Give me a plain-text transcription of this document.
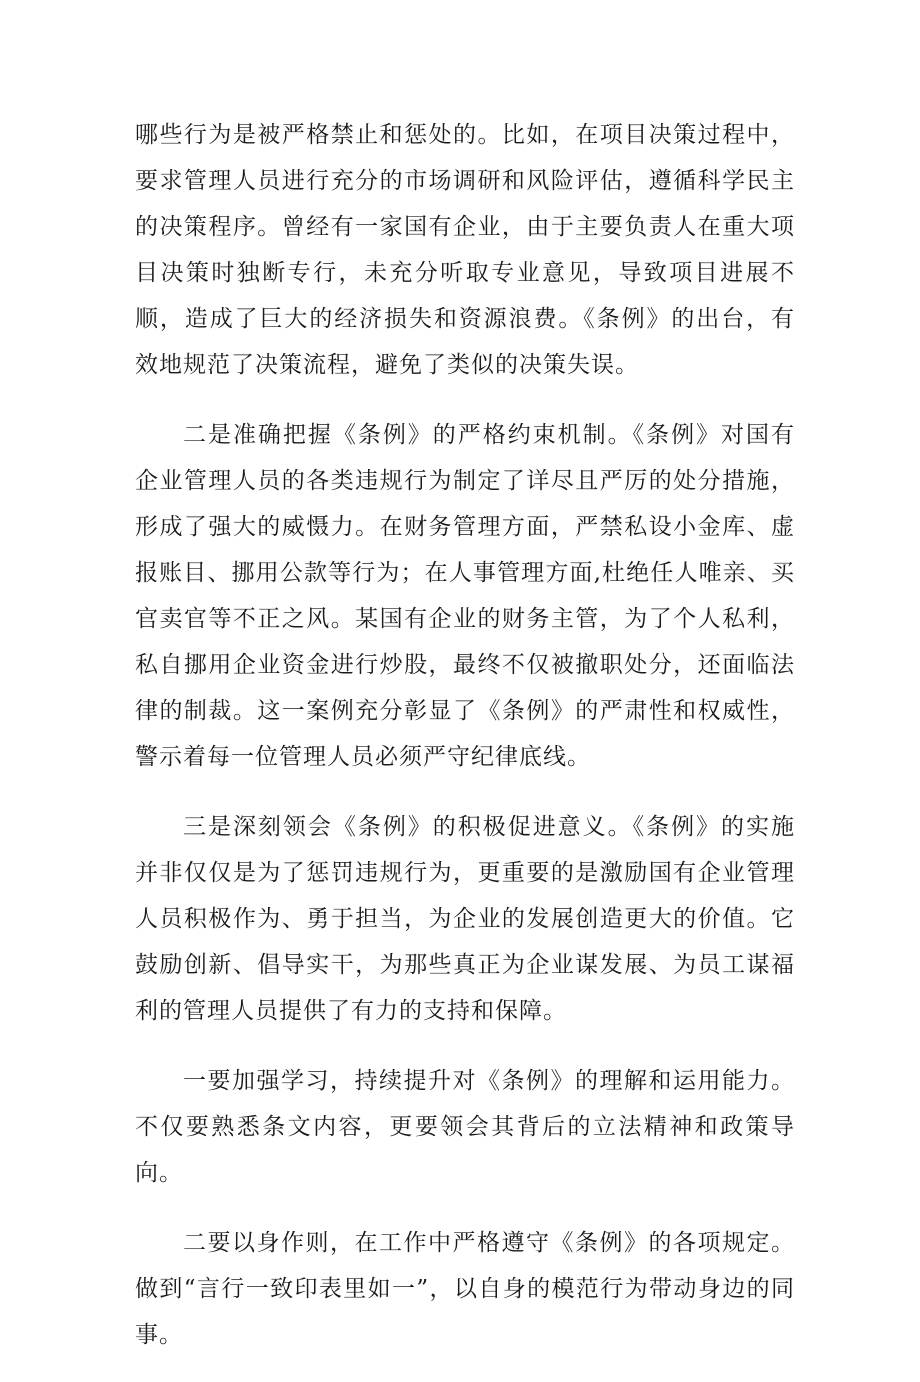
哪些行为是被严格禁止和惩处的。比如，在项目决策过程中，要求管理人员进行充分的市场调研和风险评估，遵循科学民主的决策程序。曾经有一家国有企业，由于主要负责人在重大项目决策时独断专行，未充分听取专业意见，导致项目进展不顺，造成了巨大的经济损失和资源浪费。《条例》的出台，有效地规范了决策流程，避免了类似的决策失误。

二是准确把握《条例》的严格约束机制。《条例》对国有企业管理人员的各类违规行为制定了详尽且严厉的处分措施，形成了强大的威慑力。在财务管理方面，严禁私设小金库、虚报账目、挪用公款等行为；在人事管理方面,杜绝任人唯亲、买官卖官等不正之风。某国有企业的财务主管，为了个人私利，私自挪用企业资金进行炒股，最终不仅被撤职处分，还面临法律的制裁。这一案例充分彰显了《条例》的严肃性和权威性，警示着每一位管理人员必须严守纪律底线。

三是深刻领会《条例》的积极促进意义。《条例》的实施并非仅仅是为了惩罚违规行为，更重要的是激励国有企业管理人员积极作为、勇于担当，为企业的发展创造更大的价值。它鼓励创新、倡导实干，为那些真正为企业谋发展、为员工谋福利的管理人员提供了有力的支持和保障。

一要加强学习，持续提升对《条例》的理解和运用能力。不仅要熟悉条文内容，更要领会其背后的立法精神和政策导向。

二要以身作则，在工作中严格遵守《条例》的各项规定。做到“言行一致印表里如一”，以自身的模范行为带动身边的同事。
